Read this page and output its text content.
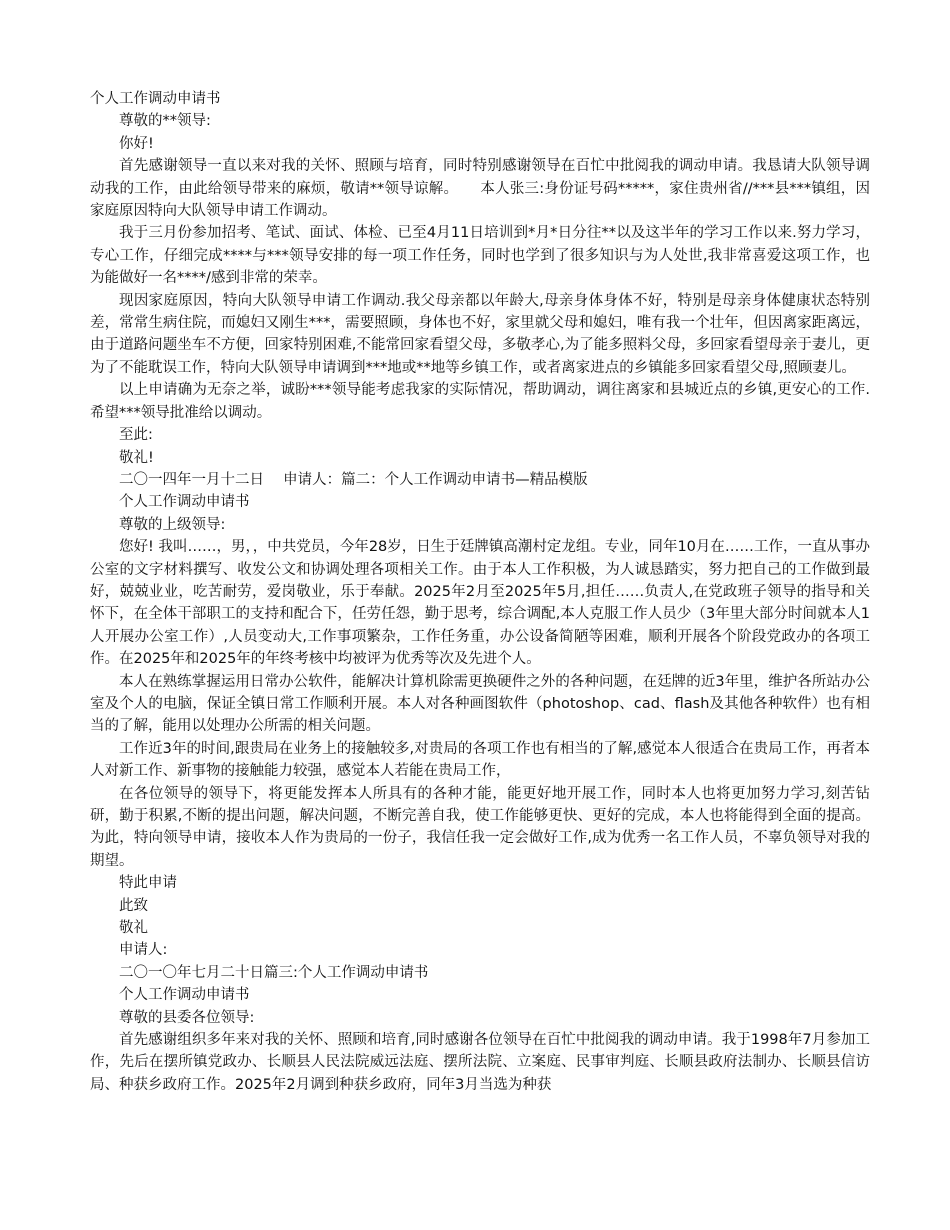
个人工作调动申请书

尊敬的**领导:

你好!

首先感谢领导一直以来对我的关怀、照顾与培育，同时特别感谢领导在百忙中批阅我的调动申请。我恳请大队领导调动我的工作，由此给领导带来的麻烦，敬请**领导谅解。　　本人张三:身份证号码*****，家住贵州省//***县***镇组，因家庭原因特向大队领导申请工作调动。

我于三月份参加招考、笔试、面试、体检、已至4月11日培训到*月*日分往**以及这半年的学习工作以来.努力学习，专心工作，仔细完成****与***领导安排的每一项工作任务，同时也学到了很多知识与为人处世,我非常喜爱这项工作，也为能做好一名****/感到非常的荣幸。

现因家庭原因，特向大队领导申请工作调动.我父母亲都以年龄大,母亲身体身体不好，特别是母亲身体健康状态特别差，常常生病住院，而媳妇又刚生***，需要照顾，身体也不好，家里就父母和媳妇，唯有我一个壮年，但因离家距离远，由于道路问题坐车不方便，回家特别困难,不能常回家看望父母，多敬孝心,为了能多照料父母，多回家看望母亲于妻儿，更为了不能耽误工作，特向大队领导申请调到***地或**地等乡镇工作，或者离家进点的乡镇能多回家看望父母,照顾妻儿。

以上申请确为无奈之举，诚盼***领导能考虑我家的实际情况，帮助调动，调往离家和县城近点的乡镇,更安心的工作.希望***领导批准给以调动。

至此:

敬礼!

二〇一四年一月十二日　 申请人：篇二：个人工作调动申请书—精品模版

个人工作调动申请书

尊敬的上级领导:

您好! 我叫……，男，，中共党员，今年28岁，日生于廷牌镇高潮村定龙组。专业，同年10月在……工作，一直从事办公室的文字材料撰写、收发公文和协调处理各项相关工作。由于本人工作积极，为人诚恳踏实，努力把自己的工作做到最好，兢兢业业，吃苦耐劳，爱岗敬业，乐于奉献。2025年2月至2025年5月,担任……负责人,在党政班子领导的指导和关怀下，在全体干部职工的支持和配合下，任劳任怨，勤于思考，综合调配,本人克服工作人员少（3年里大部分时间就本人1人开展办公室工作）,人员变动大,工作事项繁杂，工作任务重，办公设备简陋等困难，顺利开展各个阶段党政办的各项工作。在2025年和2025年的年终考核中均被评为优秀等次及先进个人。

本人在熟练掌握运用日常办公软件，能解决计算机除需更换硬件之外的各种问题，在廷牌的近3年里，维护各所站办公室及个人的电脑，保证全镇日常工作顺利开展。本人对各种画图软件（photoshop、cad、flash及其他各种软件）也有相当的了解，能用以处理办公所需的相关问题。

工作近3年的时间,跟贵局在业务上的接触较多,对贵局的各项工作也有相当的了解,感觉本人很适合在贵局工作，再者本人对新工作、新事物的接触能力较强，感觉本人若能在贵局工作，

在各位领导的领导下，将更能发挥本人所具有的各种才能，能更好地开展工作，同时本人也将更加努力学习,刻苦钻研，勤于积累,不断的提出问题，解决问题，不断完善自我，使工作能够更快、更好的完成，本人也将能得到全面的提高。为此，特向领导申请，接收本人作为贵局的一份子，我信任我一定会做好工作,成为优秀一名工作人员，不辜负领导对我的期望。

特此申请

此致

敬礼

申请人:

二〇一〇年七月二十日篇三:个人工作调动申请书

个人工作调动申请书

尊敬的县委各位领导:

首先感谢组织多年来对我的关怀、照顾和培育,同时感谢各位领导在百忙中批阅我的调动申请。我于1998年7月参加工作，先后在摆所镇党政办、长顺县人民法院威远法庭、摆所法院、立案庭、民事审判庭、长顺县政府法制办、长顺县信访局、种获乡政府工作。2025年2月调到种获乡政府，同年3月当选为种获
